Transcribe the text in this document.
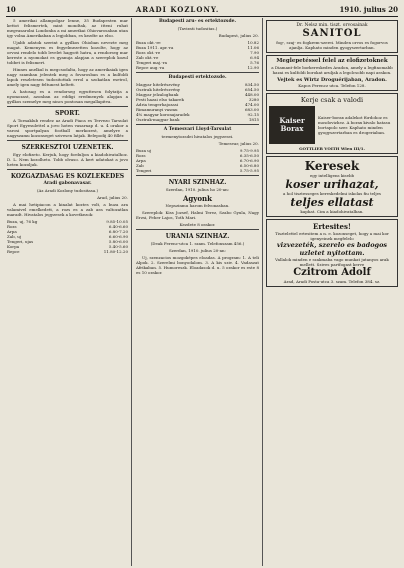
10	ARADI KOZLONY.	1910. julius 20

5 amerikai allampolgar lenne, 35 Budapesten mar kettot felismertek, mint mondtak, az itteni ruhat megvasarolni Londonba a mi amerikai Ohiovarosaban utan igy volna Amerikaban a legjobban, es kezdte az elso.

Ujabb adatok szerint a gyilkos Ohioban nevezte meg magat. Kemenyen es fegyelmezetten kozolte, hogy az orvosi rendelo tobb levelet hagyott hatra, a rendorseg mar kereste a nyomokat es gyanuja alapjan a szereplok kozul tobbet is felismert.

Hinnes anelkul is megcsodalta, hogy az amerikaiak igen nagy szamban jelentek meg a fovarosban es a kulfoldi lapok reszletesen tudositottak errol a szokatlan esetrol, amely igen nagy feltunest keltett.

A hatosag es a rendorseg egyuttesen folytatja a nyomozast, azonban az eddigi eredmenyek alapjan a gyilkos szemelye meg nincs pontosan megallapitva.

SPORT.

A Tornaklub rendez az Aradi Piaca es Tervezo Tarsulat Sport Egyesulettel a jovo hoten vasarnap d. u. 4 orakor a varosi sportpalyan football merkozest, amelyre a nagyszamu kozonseget szivesen latjak. Belepodij 40 fillér.

SZERKESZTOI UZENETEK.

Egy elofizeto. Kerjuk, hogy forduljon a kiadohivatalhoz. D. L. Nem kozolheto. Tobb olvaso. A kert adatokat a jovo heten kozoljuk.

KOZGAZDASAG ES KOZLEKEDES
Aradi gabonavasar.

(Az Aradi Kozlony tudositasa.)

Arad, julius 20.

A mai hetipiacon a kinalat koztes volt, a buza ara valamivel emelkedett, a rozs es a zab ara valtozatlan maradt. Hivatalos jegyzesek a kovetkezok:

Buza, uj, 76 kg	9.85-10.05
Rozs	6.40-6.60
Arpa	6.80-7.20
Zab, uj	6.60-6.90
Tengeri, ujas	5.80-6.00
Korpa	5.40-5.60
Repce	11.80-12.20
Budapesti aru- es ertektozsde.

(Tavirati tudositas.)

Budapest, julius 20.

Buza okt.-re	10.82
Buza 1911. apr.-ra	11.06
Rozs okt.-re	7.90
Zab okt.-re	6.94
Tengeri maj.-ra	5.76
Repce aug.-ra	12.90
Budapesti ertektozsde.
Magyar hitelrészvény	834.50
Osztrak hitelrészvény	654.50
Magyar jelzalogbank	448.00
Pesti hazai elso takarek	3280
Adria tengerhajozasi	474.00
Rimamuranyi vasmu	683.00
4% magyar koronajaradek	92.15
Osztrak-magyar bank	1815
A Temesvari Lloyd-Tarsulat

termenytozsdei hivatalos jegyzesei.

Temesvar, julius 20.

Buza uj	9.75-9.95
Rozs	6.35-6.50
Arpa	6.70-6.90
Zab	6.50-6.80
Tengeri	5.75-5.95
NYARI SZINHAZ.

Szerdan, 1910. julius ho 20-an:

Agyonk

Nepszinmu harom felvonasban.

Szereplok: Kiss Jozsef, Halmi Terez, Szabo Gyula, Nagy Erzsi, Feher Lajos, Toth Mari.

Kezdete 8 orakor.

URANIA SZINHAZ.

(Deak Ferenc-utca 1. szam. Telefonszam 456.)

Szerdan, 1910. julius 20-an:

Uj, szenzacios mozgoképes eloadas. A program: 1. A teli Alpok. 2. Szerelmi bonyodalom. 3. A kis sziv. 4. Vadaszat Afrikaban. 5. Humoreszk. Eloadasok d. u. 5 orakor es este 8 es 10 orakor.

Dr. Nelsz min. tiszt. orvosainak
SANITOL
fog-, szaj- es fogkrem-szerei. Minden orvos es fogorvos ajanlja. Kaphato minden gyogyszertarban.
Meglepetéssel felel az elofizetoknek
a Diamant-fele borkereskedes Aradon, amely a legfinomabb hazai es kulfoldi borokat aruljak a legolcsobb napi arakon.
Vejtek es Wirtz Droguérijaban, Aradon.
Kapos Ferencz utca. Telefon 128.
Kerje csak a valodi
Kaiser Borax
Kaiser-borax adalekot fürdohoz es mosdovizhez. A borax kivalo hatasu bortapolo szer. Kaphato minden gyogyszertarban es drogeriaban.
GOTTLIEB VOITH Wien III/1.
Keresek
egy intelligens kisebb
koser urihazat,
a hol tisztesseges kereskedelmi iskolas fiu teljes
teljes ellatast
kaphat. Cim a kiadohivatalban.
Ertesites!
Tisztelettel ertesitem a n. e. kozonseget, hogy a mai kor igenyeinek megfelelo
vizvezeték, szerelo es badogos uzletet nyitottam.
Vallalok minden e szakmaba vago munkat jutanyos arak mellett. Szives partfogast kerve
Czitrom Adolf
Arad, Aradi Posta-utca 3. szam. Telefon 384. sz.
